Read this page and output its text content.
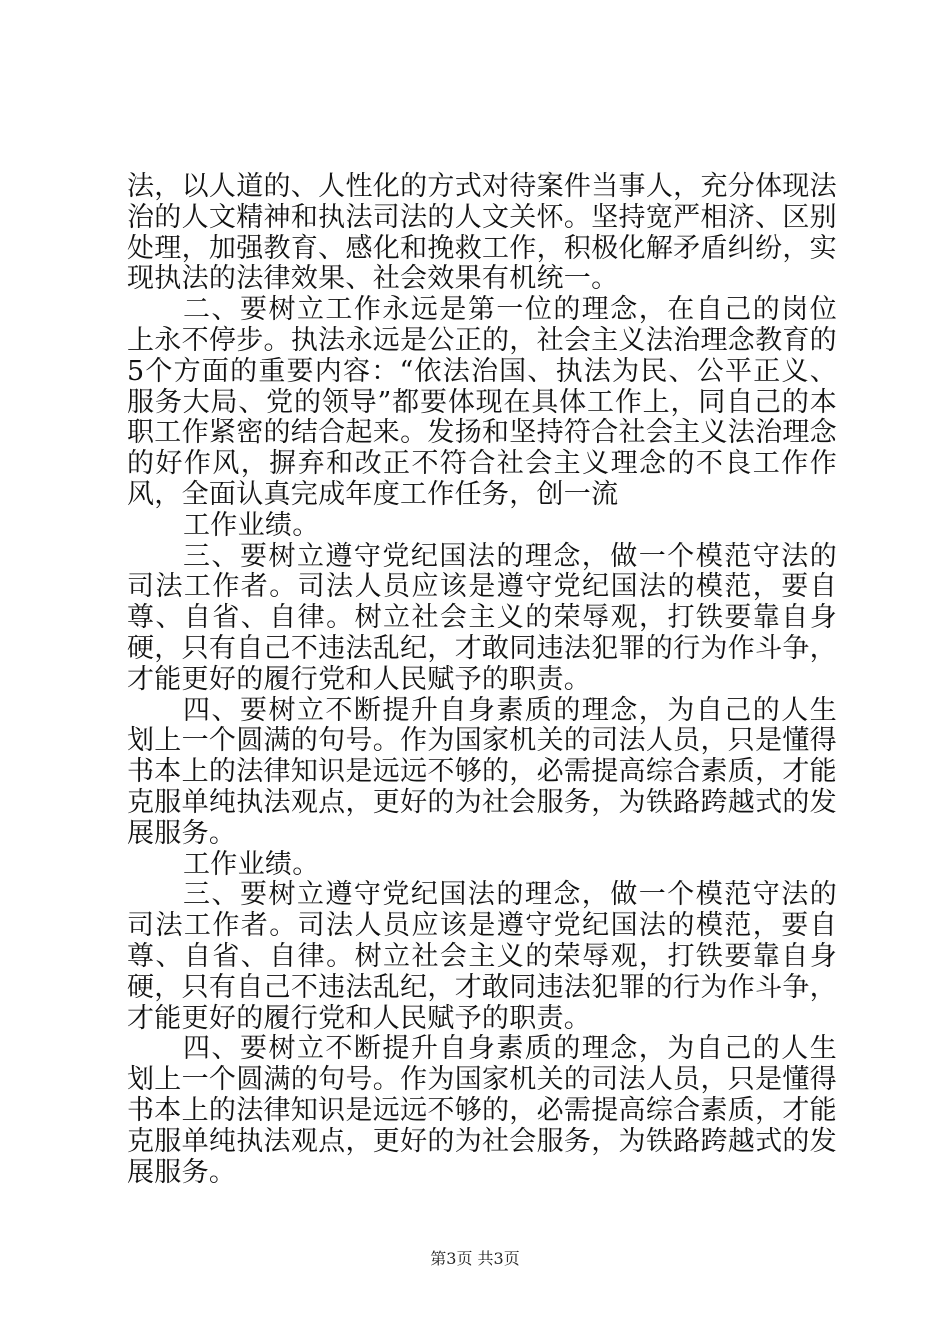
法，以人道的、人性化的方式对待案件当事人，充分体现法治的人文精神和执法司法的人文关怀。坚持宽严相济、区别处理，加强教育、感化和挽救工作，积极化解矛盾纠纷，实现执法的法律效果、社会效果有机统一。

二、要树立工作永远是第一位的理念，在自己的岗位上永不停步。执法永远是公正的，社会主义法治理念教育的5个方面的重要内容：“依法治国、执法为民、公平正义、服务大局、党的领导”都要体现在具体工作上，同自己的本职工作紧密的结合起来。发扬和坚持符合社会主义法治理念的好作风，摒弃和改正不符合社会主义理念的不良工作作风，全面认真完成年度工作任务，创一流

工作业绩。

三、要树立遵守党纪国法的理念，做一个模范守法的司法工作者。司法人员应该是遵守党纪国法的模范，要自尊、自省、自律。树立社会主义的荣辱观，打铁要靠自身硬，只有自己不违法乱纪，才敢同违法犯罪的行为作斗争，才能更好的履行党和人民赋予的职责。

四、要树立不断提升自身素质的理念，为自己的人生划上一个圆满的句号。作为国家机关的司法人员，只是懂得书本上的法律知识是远远不够的，必需提高综合素质，才能克服单纯执法观点，更好的为社会服务，为铁路跨越式的发展服务。

工作业绩。

三、要树立遵守党纪国法的理念，做一个模范守法的司法工作者。司法人员应该是遵守党纪国法的模范，要自尊、自省、自律。树立社会主义的荣辱观，打铁要靠自身硬，只有自己不违法乱纪，才敢同违法犯罪的行为作斗争，才能更好的履行党和人民赋予的职责。

四、要树立不断提升自身素质的理念，为自己的人生划上一个圆满的句号。作为国家机关的司法人员，只是懂得书本上的法律知识是远远不够的，必需提高综合素质，才能克服单纯执法观点，更好的为社会服务，为铁路跨越式的发展服务。

第3页 共3页
